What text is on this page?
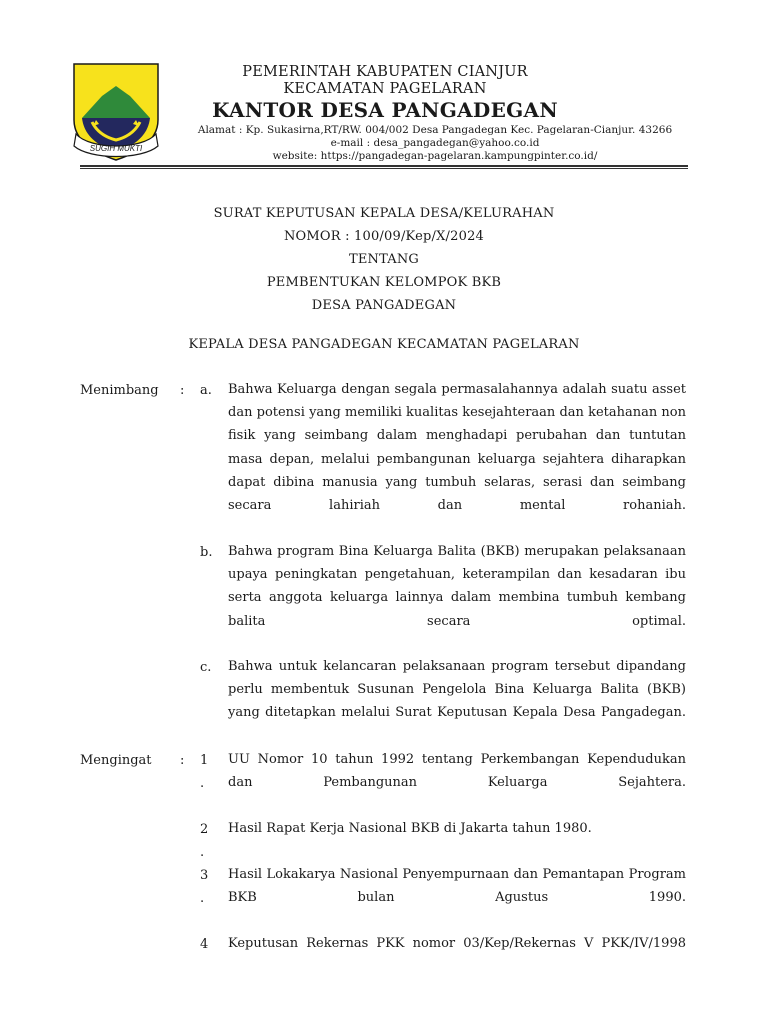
SUGIH MUKTI
PEMERINTAH KABUPATEN CIANJUR
KECAMATAN PAGELARAN
KANTOR DESA PANGADEGAN
Alamat : Kp. Sukasirna,RT/RW. 004/002 Desa Pangadegan Kec. Pagelaran-Cianjur. 43266
e-mail : desa_pangadegan@yahoo.co.id
website: https://pangadegan-pagelaran.kampungpinter.co.id/
SURAT KEPUTUSAN KEPALA DESA/KELURAHAN
NOMOR : 100/09/Kep/X/2024
TENTANG
PEMBENTUKAN KELOMPOK BKB
DESA PANGADEGAN
KEPALA DESA PANGADEGAN KECAMATAN PAGELARAN
Menimbang : a. Bahwa Keluarga dengan segala permasalahannya adalah suatu asset dan potensi yang memiliki kualitas kesejahteraan dan ketahanan non fisik yang seimbang dalam menghadapi perubahan dan tuntutan masa depan, melalui pembangunan keluarga sejahtera diharapkan dapat dibina manusia yang tumbuh selaras, serasi dan seimbang secara lahiriah dan mental rohaniah.
b. Bahwa program Bina Keluarga Balita (BKB) merupakan pelaksanaan upaya peningkatan pengetahuan, keterampilan dan kesadaran ibu serta anggota keluarga lainnya dalam membina tumbuh kembang balita secara optimal.
c. Bahwa untuk kelancaran pelaksanaan program tersebut dipandang perlu membentuk Susunan Pengelola Bina Keluarga Balita (BKB) yang ditetapkan melalui Surat Keputusan Kepala Desa Pangadegan.
Mengingat : 1
.
UU Nomor 10 tahun 1992 tentang Perkembangan Kependudukan dan Pembangunan Keluarga Sejahtera.
2
.
Hasil Rapat Kerja Nasional BKB di Jakarta tahun 1980.
3
.
Hasil Lokakarya Nasional Penyempurnaan dan Pemantapan Program BKB bulan Agustus 1990.
4 Keputusan Rekernas PKK nomor 03/Kep/Rekernas V PKK/IV/1998
